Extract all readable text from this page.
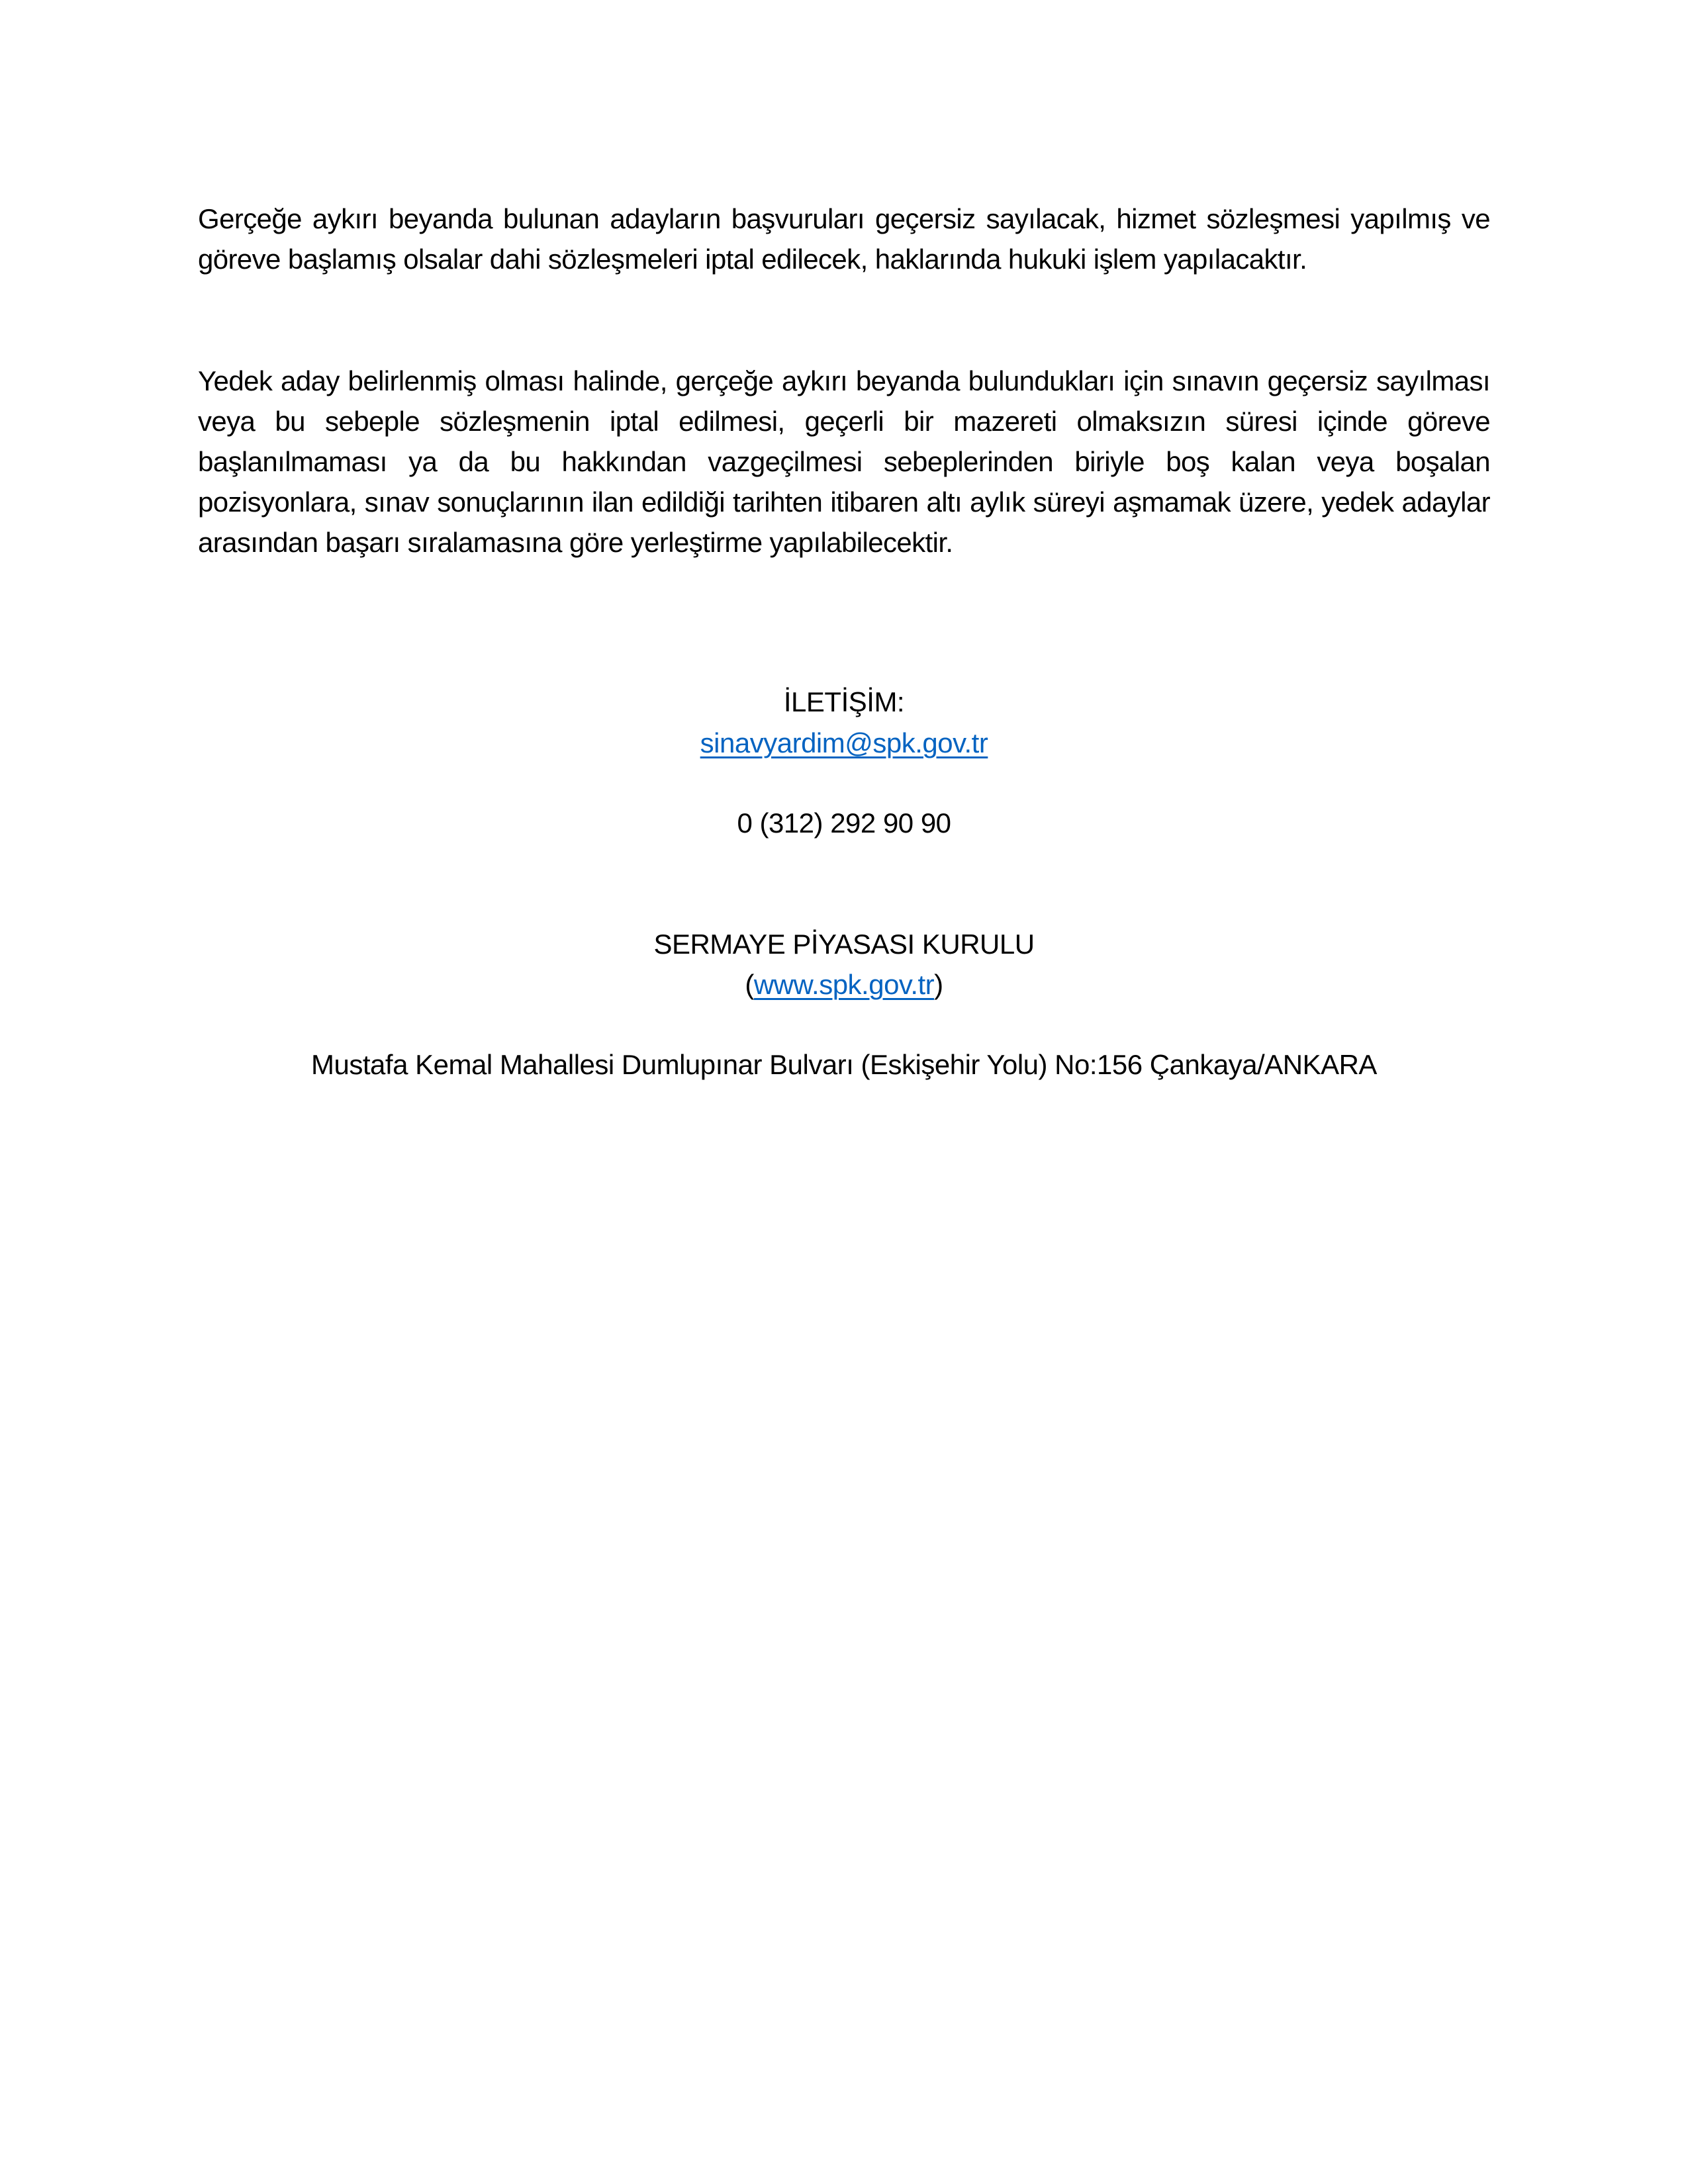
Gerçeğe aykırı beyanda bulunan adayların başvuruları geçersiz sayılacak, hizmet sözleşmesi yapılmış ve göreve başlamış olsalar dahi sözleşmeleri iptal edilecek, haklarında hukuki işlem yapılacaktır.

Yedek aday belirlenmiş olması halinde, gerçeğe aykırı beyanda bulundukları için sınavın geçersiz sayılması veya bu sebeple sözleşmenin iptal edilmesi, geçerli bir mazereti olmaksızın süresi içinde göreve başlanılmaması ya da bu hakkından vazgeçilmesi sebeplerinden biriyle boş kalan veya boşalan pozisyonlara, sınav sonuçlarının ilan edildiği tarihten itibaren altı aylık süreyi aşmamak üzere, yedek adaylar arasından başarı sıralamasına göre yerleştirme yapılabilecektir.

İLETİŞİM:
sinavyardim@spk.gov.tr
0 (312) 292 90 90
SERMAYE PİYASASI KURULU
(www.spk.gov.tr)
Mustafa Kemal Mahallesi Dumlupınar Bulvarı (Eskişehir Yolu) No:156 Çankaya/ANKARA
